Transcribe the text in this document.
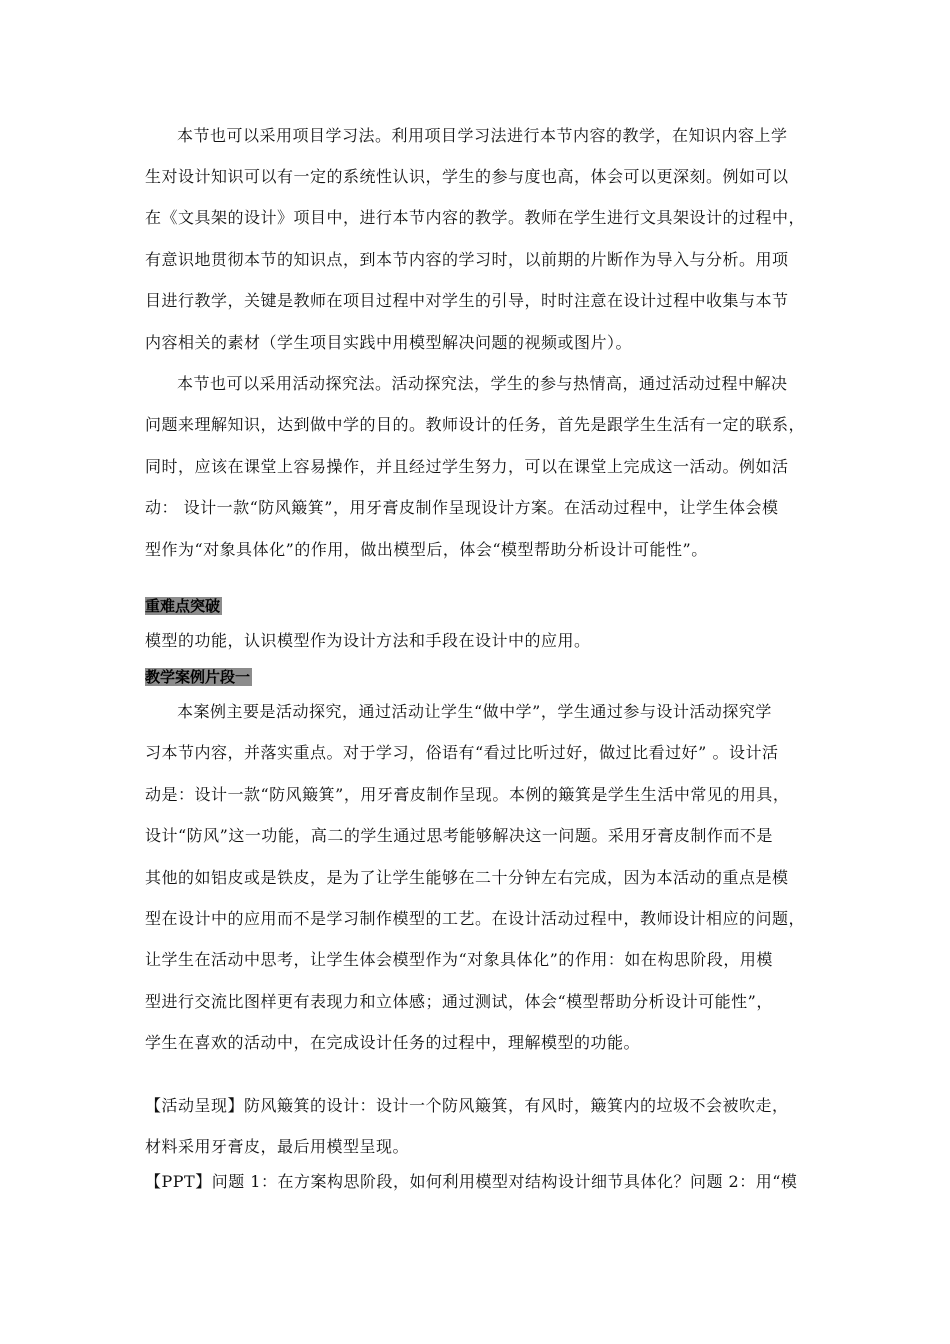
本节也可以采用项目学习法。利用项目学习法进行本节内容的教学，在知识内容上学
生对设计知识可以有一定的系统性认识，学生的参与度也高，体会可以更深刻。例如可以
在《文具架的设计》项目中，进行本节内容的教学。教师在学生进行文具架设计的过程中，
有意识地贯彻本节的知识点，到本节内容的学习时，以前期的片断作为导入与分析。用项
目进行教学，关键是教师在项目过程中对学生的引导，时时注意在设计过程中收集与本节
内容相关的素材（学生项目实践中用模型解决问题的视频或图片）。
本节也可以采用活动探究法。活动探究法，学生的参与热情高，通过活动过程中解决
问题来理解知识，达到做中学的目的。教师设计的任务，首先是跟学生生活有一定的联系，
同时，应该在课堂上容易操作，并且经过学生努力，可以在课堂上完成这一活动。例如活
动： 设计一款“防风簸箕”，用牙膏皮制作呈现设计方案。在活动过程中，让学生体会模
型作为“对象具体化”的作用，做出模型后，体会“模型帮助分析设计可能性”。
重难点突破
模型的功能，认识模型作为设计方法和手段在设计中的应用。
教学案例片段一
本案例主要是活动探究，通过活动让学生“做中学”，学生通过参与设计活动探究学
习本节内容，并落实重点。对于学习，俗语有“看过比听过好，做过比看过好” 。设计活
动是：设计一款“防风簸箕”，用牙膏皮制作呈现。本例的簸箕是学生生活中常见的用具，
设计“防风”这一功能，高二的学生通过思考能够解决这一问题。采用牙膏皮制作而不是
其他的如铝皮或是铁皮，是为了让学生能够在二十分钟左右完成，因为本活动的重点是模
型在设计中的应用而不是学习制作模型的工艺。在设计活动过程中，教师设计相应的问题，
让学生在活动中思考，让学生体会模型作为“对象具体化”的作用：如在构思阶段，用模
型进行交流比图样更有表现力和立体感；通过测试，体会“模型帮助分析设计可能性”，
学生在喜欢的活动中，在完成设计任务的过程中，理解模型的功能。
【活动呈现】防风簸箕的设计：设计一个防风簸箕，有风时，簸箕内的垃圾不会被吹走，
材料采用牙膏皮，最后用模型呈现。
【PPT】问题 1：在方案构思阶段，如何利用模型对结构设计细节具体化？问题 2：用“模
